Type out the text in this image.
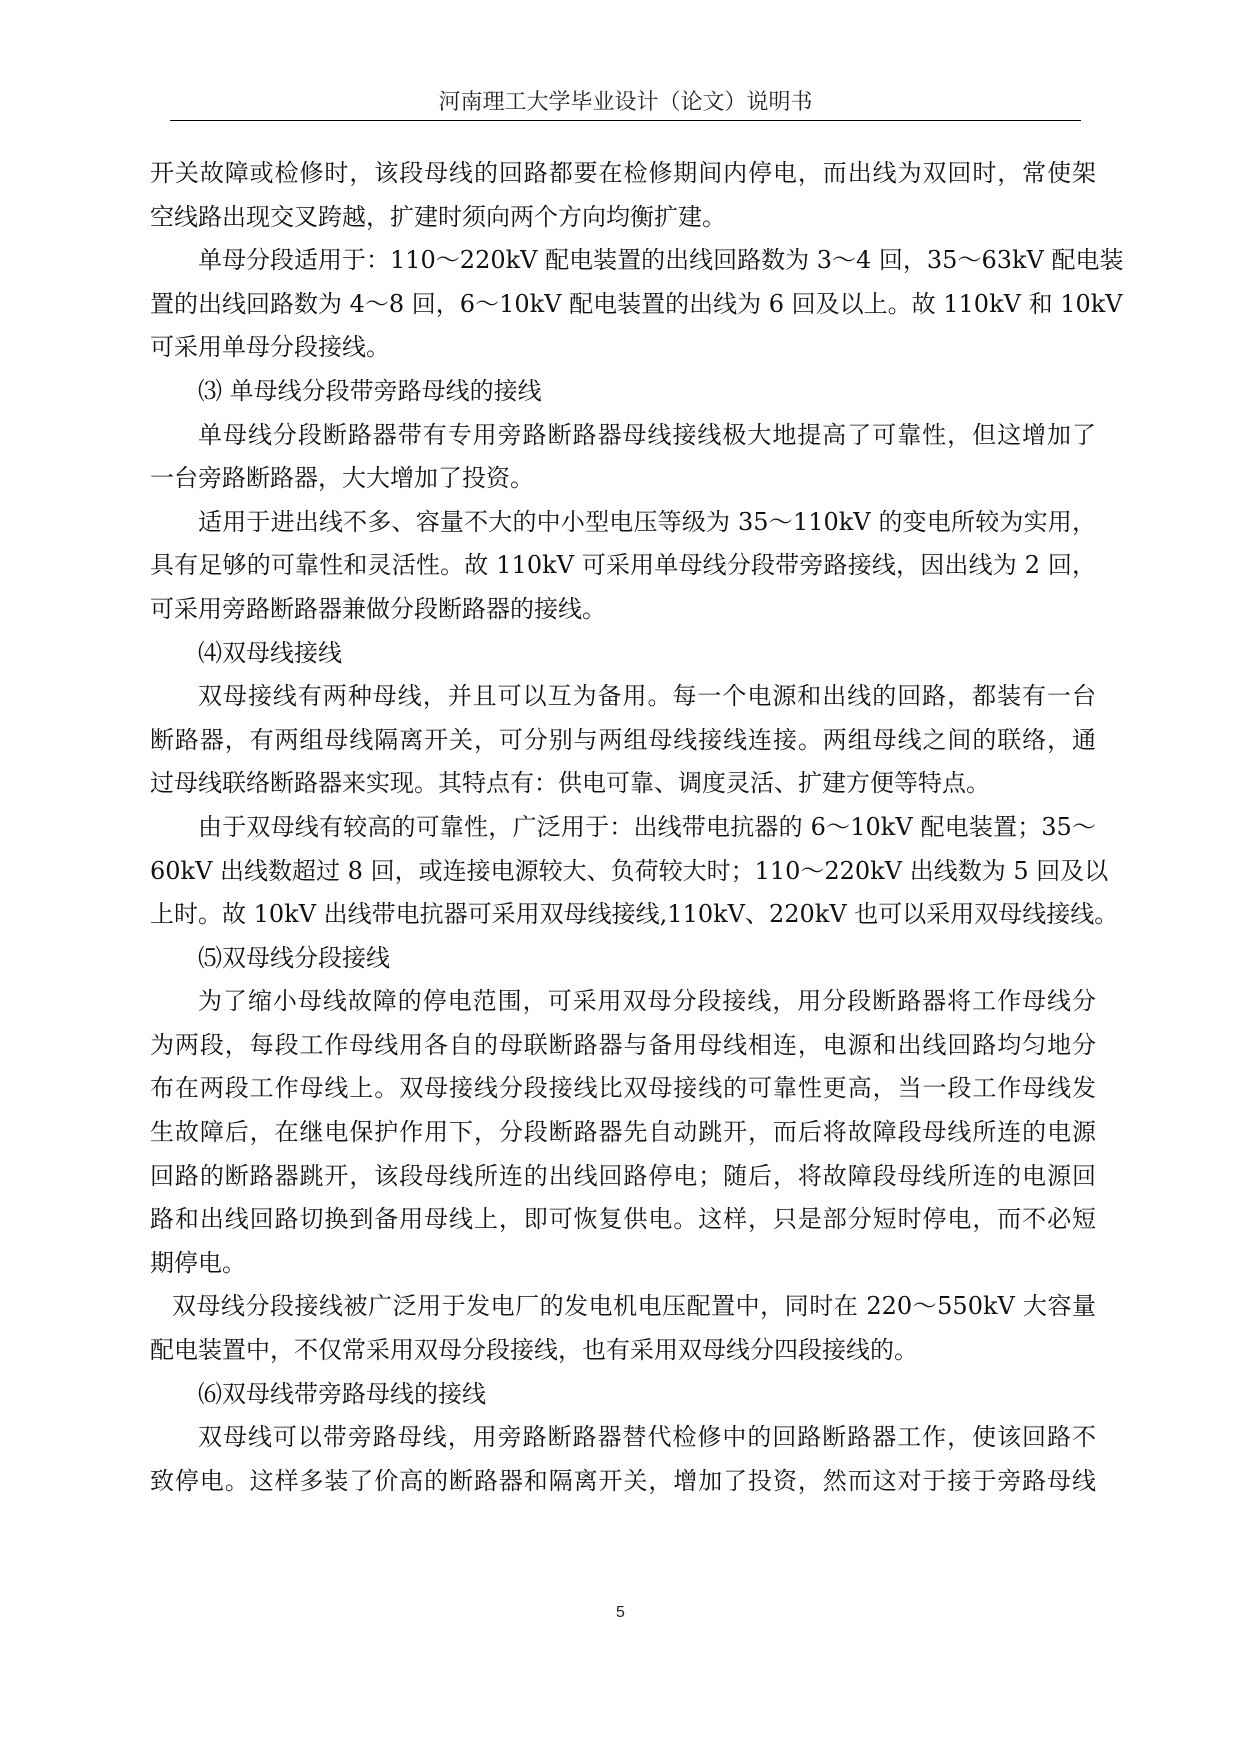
河南理工大学毕业设计（论文）说明书
开关故障或检修时，该段母线的回路都要在检修期间内停电，而出线为双回时，常使架
空线路出现交叉跨越，扩建时须向两个方向均衡扩建。
单母分段适用于：110～220kV 配电装置的出线回路数为 3～4 回，35～63kV 配电装
置的出线回路数为 4～8 回，6～10kV 配电装置的出线为 6 回及以上。故 110kV 和 10kV
可采用单母分段接线。
⑶ 单母线分段带旁路母线的接线
单母线分段断路器带有专用旁路断路器母线接线极大地提高了可靠性，但这增加了
一台旁路断路器，大大增加了投资。
适用于进出线不多、容量不大的中小型电压等级为 35～110kV 的变电所较为实用，
具有足够的可靠性和灵活性。故 110kV 可采用单母线分段带旁路接线，因出线为 2 回，
可采用旁路断路器兼做分段断路器的接线。
⑷双母线接线
双母接线有两种母线，并且可以互为备用。每一个电源和出线的回路，都装有一台
断路器，有两组母线隔离开关，可分别与两组母线接线连接。两组母线之间的联络，通
过母线联络断路器来实现。其特点有：供电可靠、调度灵活、扩建方便等特点。
由于双母线有较高的可靠性，广泛用于：出线带电抗器的 6～10kV 配电装置；35～
60kV 出线数超过 8 回，或连接电源较大、负荷较大时；110～220kV 出线数为 5 回及以
上时。故 10kV 出线带电抗器可采用双母线接线,110kV、220kV 也可以采用双母线接线。
⑸双母线分段接线
为了缩小母线故障的停电范围，可采用双母分段接线，用分段断路器将工作母线分
为两段，每段工作母线用各自的母联断路器与备用母线相连，电源和出线回路均匀地分
布在两段工作母线上。双母接线分段接线比双母接线的可靠性更高，当一段工作母线发
生故障后，在继电保护作用下，分段断路器先自动跳开，而后将故障段母线所连的电源
回路的断路器跳开，该段母线所连的出线回路停电；随后，将故障段母线所连的电源回
路和出线回路切换到备用母线上，即可恢复供电。这样，只是部分短时停电，而不必短
期停电。
双母线分段接线被广泛用于发电厂的发电机电压配置中，同时在 220～550kV 大容量
配电装置中，不仅常采用双母分段接线，也有采用双母线分四段接线的。
⑹双母线带旁路母线的接线
双母线可以带旁路母线，用旁路断路器替代检修中的回路断路器工作，使该回路不
致停电。这样多装了价高的断路器和隔离开关，增加了投资，然而这对于接于旁路母线
5
